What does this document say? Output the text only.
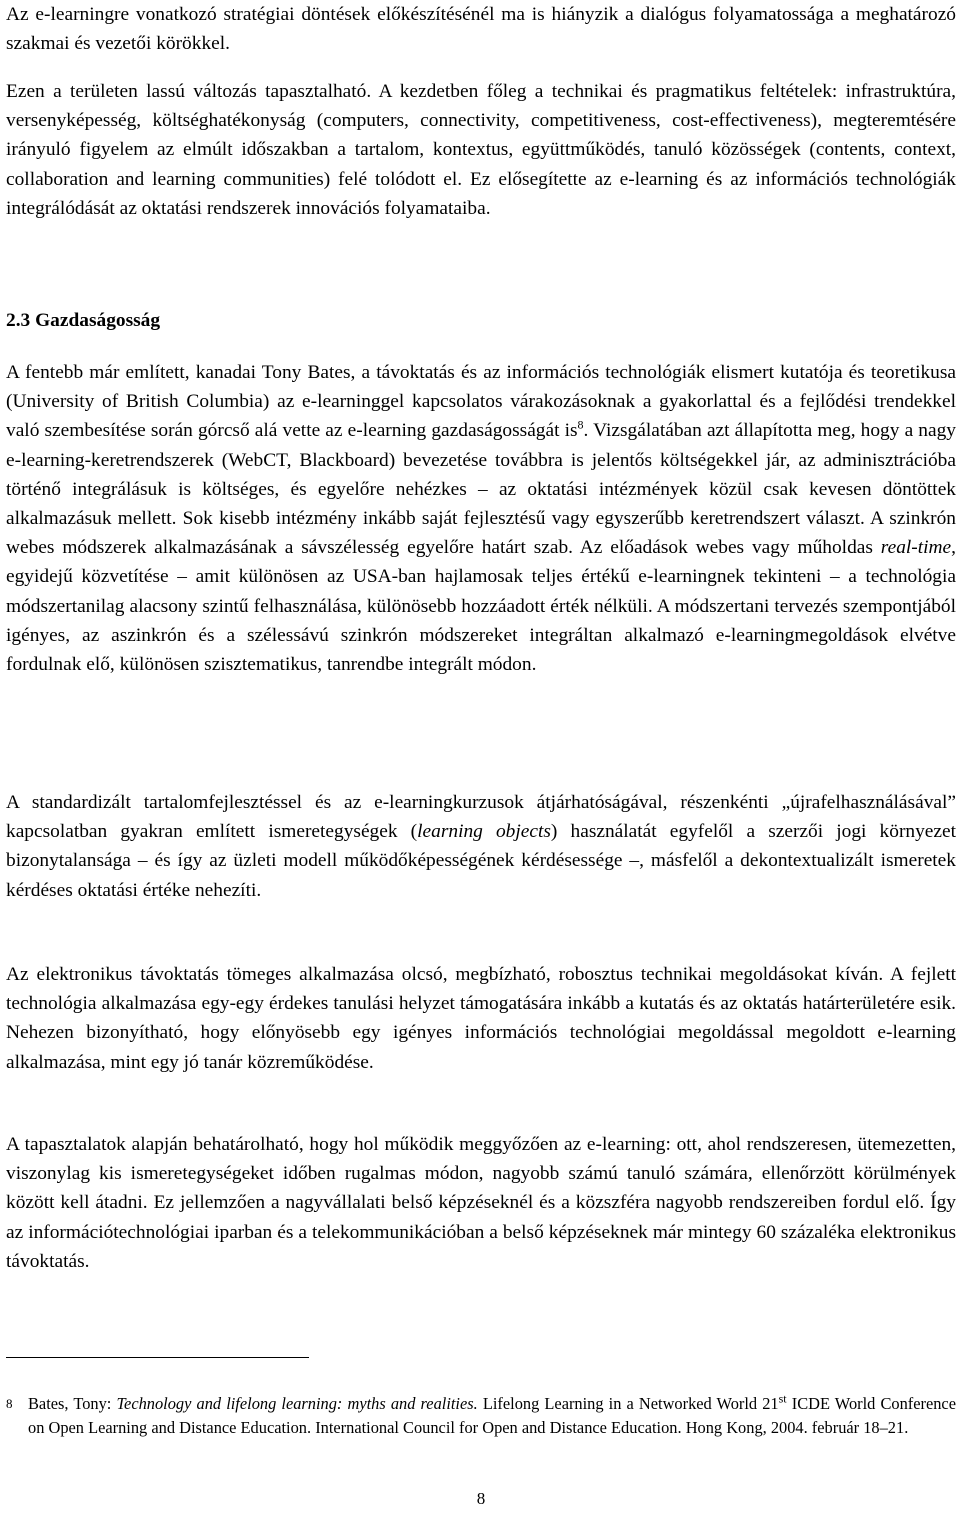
Az e-learningre vonatkozó stratégiai döntések előkészítésénél ma is hiányzik a dialógus folyamatossága a meghatározó szakmai és vezetői körökkel.

Ezen a területen lassú változás tapasztalható. A kezdetben főleg a technikai és pragmatikus feltételek: infrastruktúra, versenyképesség, költséghatékonyság (computers, connectivity, competitiveness, cost-effectiveness), megteremtésére irányuló figyelem az elmúlt időszakban a tartalom, kontextus, együttműködés, tanuló közösségek (contents, context, collaboration and learning communities) felé tolódott el. Ez elősegítette az e-learning és az információs technológiák integrálódását az oktatási rendszerek innovációs folyamataiba.

2.3 Gazdaságosság

A fentebb már említett, kanadai Tony Bates, a távoktatás és az információs technológiák elismert kutatója és teoretikusa (University of British Columbia) az e-learninggel kapcsolatos várakozásoknak a gyakorlattal és a fejlődési trendekkel való szembesítése során górcső alá vette az e-learning gazdaságosságát $is^8$. Vizsgálatában azt állapította meg, hogy a nagy e-learning-keretrendszerek (WebCT, Blackboard) bevezetése továbbra is jelentős költségekkel jár, az adminisztrációba történő integrálásuk is költséges, és egyelőre nehézkes – az oktatási intézmények közül csak kevesen döntöttek alkalmazásuk mellett. Sok kisebb intézmény inkább saját fejlesztésű vagy egyszerűbb keretrendszert választ. A szinkrón webes módszerek alkalmazásának a sávszélesség egyelőre határt szab. Az előadások webes vagy műholdas real-time, egyidejű közvetítése – amit különösen az USA-ban hajlamosak teljes értékű e-learningnek tekinteni – a technológia módszertanilag alacsony szintű felhasználása, különösebb hozzáadott érték nélküli. A módszertani tervezés szempontjából igényes, az aszinkrón és a szélessávú szinkrón módszereket integráltan alkalmazó e-learningmegoldások elvétve fordulnak elő, különösen szisztematikus, tanrendbe integrált módon.

A standardizált tartalomfejlesztéssel és az e-learningkurzusok átjárhatóságával, részenkénti „újrafelhasználásával” kapcsolatban gyakran említett ismeretegységek (learning objects) használatát egyfelől a szerzői jogi környezet bizonytalansága – és így az üzleti modell működőképességének kérdésessége –, másfelől a dekontextualizált ismeretek kérdéses oktatási értéke nehezíti.

Az elektronikus távoktatás tömeges alkalmazása olcsó, megbízható, robosztus technikai megoldásokat kíván. A fejlett technológia alkalmazása egy-egy érdekes tanulási helyzet támogatására inkább a kutatás és az oktatás határterületére esik. Nehezen bizonyítható, hogy előnyösebb egy igényes információs technológiai megoldással megoldott e-learning alkalmazása, mint egy jó tanár közreműködése.

A tapasztalatok alapján behatárolható, hogy hol működik meggyőzően az e-learning: ott, ahol rendszeresen, ütemezetten, viszonylag kis ismeretegységeket időben rugalmas módon, nagyobb számú tanuló számára, ellenőrzött körülmények között kell átadni. Ez jellemzően a nagyvállalati belső képzéseknél és a közszféra nagyobb rendszereiben fordul elő. Így az információtechnológiai iparban és a telekommunikációban a belső képzéseknek már mintegy 60 százaléka elektronikus távoktatás.

8 Bates, Tony: Technology and lifelong learning: myths and realities. Lifelong Learning in a Networked World 21st ICDE World Conference on Open Learning and Distance Education. International Council for Open and Distance Education. Hong Kong, 2004. február 18–21.
8
